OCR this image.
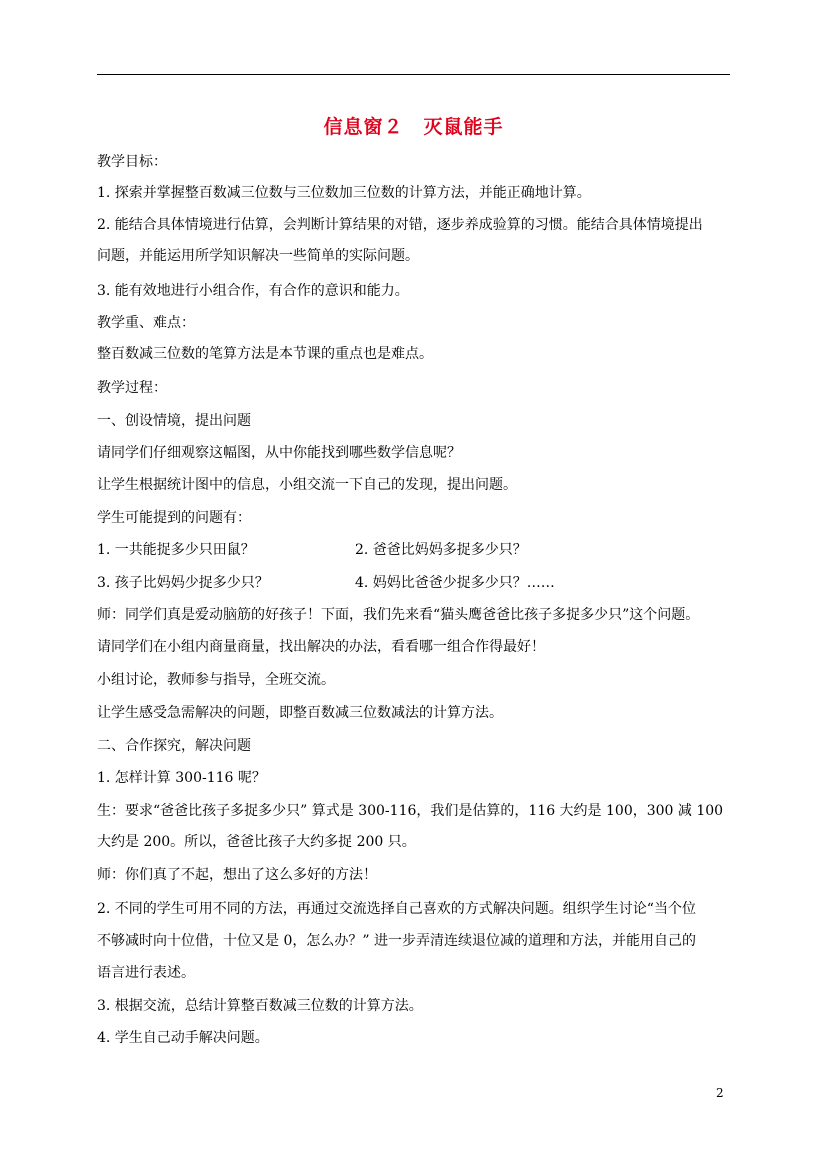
信息窗２　灭鼠能手
教学目标：
1. 探索并掌握整百数减三位数与三位数加三位数的计算方法，并能正确地计算。
2. 能结合具体情境进行估算，会判断计算结果的对错，逐步养成验算的习惯。能结合具体情境提出
问题，并能运用所学知识解决一些简单的实际问题。
3. 能有效地进行小组合作，有合作的意识和能力。
教学重、难点：
整百数减三位数的笔算方法是本节课的重点也是难点。
教学过程：
一、创设情境，提出问题
请同学们仔细观察这幅图，从中你能找到哪些数学信息呢？
让学生根据统计图中的信息，小组交流一下自己的发现，提出问题。
学生可能提到的问题有：
1. 一共能捉多少只田鼠？	2. 爸爸比妈妈多捉多少只？
3. 孩子比妈妈少捉多少只？	4. 妈妈比爸爸少捉多少只？……
师：同学们真是爱动脑筋的好孩子！下面，我们先来看“猫头鹰爸爸比孩子多捉多少只”这个问题。
请同学们在小组内商量商量，找出解决的办法，看看哪一组合作得最好！
小组讨论，教师参与指导，全班交流。
让学生感受急需解决的问题，即整百数减三位数减法的计算方法。
二、合作探究，解决问题
1. 怎样计算 300-116 呢？
生：要求“爸爸比孩子多捉多少只” 算式是 300-116，我们是估算的，116 大约是 100，300 减 100
大约是 200。所以，爸爸比孩子大约多捉 200 只。
师：你们真了不起，想出了这么多好的方法！
2. 不同的学生可用不同的方法，再通过交流选择自己喜欢的方式解决问题。组织学生讨论“当个位
不够减时向十位借，十位又是 0，怎么办？” 进一步弄清连续退位减的道理和方法，并能用自己的
语言进行表述。
3. 根据交流，总结计算整百数减三位数的计算方法。
4. 学生自己动手解决问题。
2
